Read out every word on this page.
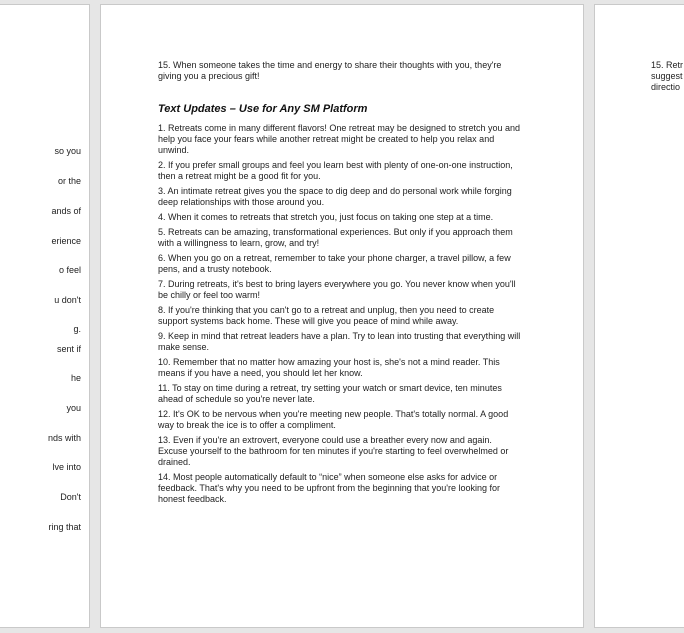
so you
or the
ands of
erience
o feel
u don't
g.
sent if
he
you
nds with
lve into
Don't
ring that

15. When someone takes the time and energy to share their thoughts with you, they're giving you a precious gift!

Text Updates – Use for Any SM Platform

1. Retreats come in many different flavors! One retreat may be designed to stretch you and help you face your fears while another retreat might be created to help you relax and unwind.

2. If you prefer small groups and feel you learn best with plenty of one-on-one instruction, then a retreat might be a good fit for you.

3. An intimate retreat gives you the space to dig deep and do personal work while forging deep relationships with those around you.

4. When it comes to retreats that stretch you, just focus on taking one step at a time.

5. Retreats can be amazing, transformational experiences. But only if you approach them with a willingness to learn, grow, and try!

6. When you go on a retreat, remember to take your phone charger, a travel pillow, a few pens, and a trusty notebook.

7. During retreats, it's best to bring layers everywhere you go. You never know when you'll be chilly or feel too warm!

8. If you're thinking that you can't go to a retreat and unplug, then you need to create support systems back home. These will give you peace of mind while away.

9. Keep in mind that retreat leaders have a plan. Try to lean into trusting that everything will make sense.

10. Remember that no matter how amazing your host is, she's not a mind reader. This means if you have a need, you should let her know.

11. To stay on time during a retreat, try setting your watch or smart device, ten minutes ahead of schedule so you're never late.

12. It's OK to be nervous when you're meeting new people. That's totally normal. A good way to break the ice is to offer a compliment.

13. Even if you're an extrovert, everyone could use a breather every now and again. Excuse yourself to the bathroom for ten minutes if you're starting to feel overwhelmed or drained.

14. Most people automatically default to “nice” when someone else asks for advice or feedback. That's why you need to be upfront from the beginning that you're looking for honest feedback.

15. Retr
suggest
directio
